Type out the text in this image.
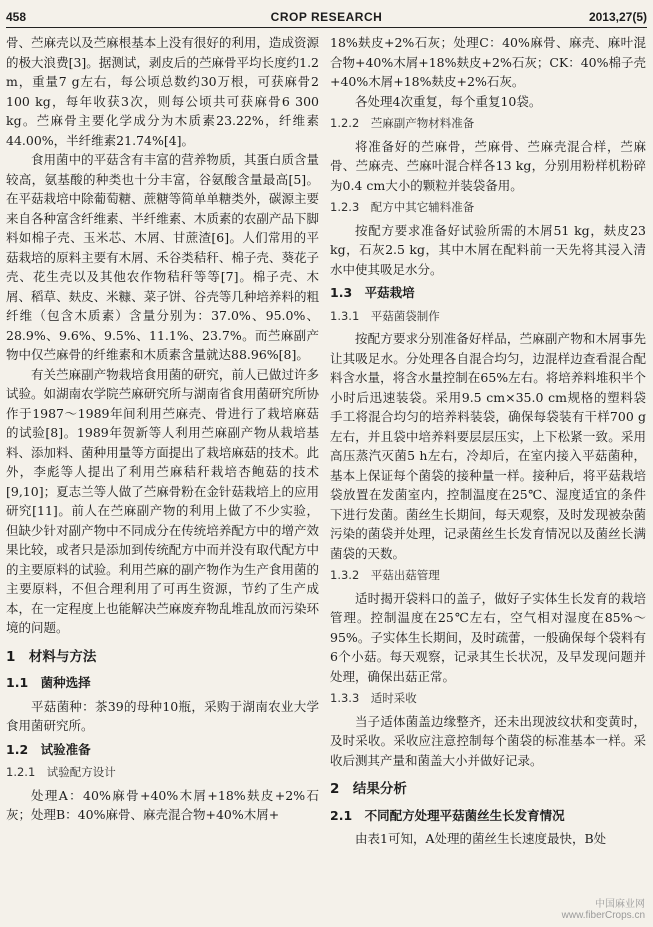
458	CROP RESEARCH	2013,27(5)

骨、苎麻壳以及苎麻根基本上没有很好的利用，造成资源的极大浪费[3]。据测试，剥皮后的苎麻骨平均长度约1.2 m，重量7 g左右，每公顷总数约30万根，可获麻骨2 100 kg，每年收获3次，则每公顷共可获麻骨6 300 kg。苎麻骨主要化学成分为木质素23.22%，纤维素44.00%，半纤维素21.74%[4]。

食用菌中的平菇含有丰富的营养物质，其蛋白质含量较高，氨基酸的种类也十分丰富，谷氨酸含量最高[5]。在平菇栽培中除葡萄糖、蔗糖等简单单糖类外，碳源主要来自各种富含纤维素、半纤维素、木质素的农副产品下脚料如棉子壳、玉米芯、木屑、甘蔗渣[6]。人们常用的平菇栽培的原料主要有木屑、禾谷类秸秆、棉子壳、葵花子壳、花生壳以及其他农作物秸秆等等[7]。棉子壳、木屑、稻草、麸皮、米糠、菜子饼、谷壳等几种培养料的粗纤维（包含木质素）含量分别为：37.0%、95.0%、28.9%、9.6%、9.5%、11.1%、23.7%。而苎麻副产物中仅苎麻骨的纤维素和木质素含量就达88.96%[8]。

有关苎麻副产物栽培食用菌的研究，前人已做过许多试验。如湖南农学院苎麻研究所与湖南省食用菌研究所协作于1987～1989年间利用苎麻壳、骨进行了栽培麻菇的试验[8]。1989年贺新等人利用苎麻副产物从栽培基料、添加料、菌种用量等方面提出了栽培麻菇的技术。此外，李彪等人提出了利用苎麻秸秆栽培杏鲍菇的技术[9,10]；夏志兰等人做了苎麻骨粉在金针菇栽培上的应用研究[11]。前人在苎麻副产物的利用上做了不少实验，但缺少针对副产物中不同成分在传统培养配方中的增产效果比较，或者只是添加到传统配方中而并没有取代配方中的主要原料的试验。利用苎麻的副产物作为生产食用菌的主要原料，不但合理利用了可再生资源，节约了生产成本，在一定程度上也能解决苎麻废弃物乱堆乱放而污染环境的问题。

1　材料与方法
1.1　菌种选择

平菇菌种：茶39的母种10瓶，采购于湖南农业大学食用菌研究所。

1.2　试验准备
1.2.1　试验配方设计

处理A：40%麻骨+40%木屑+18%麸皮+2%石灰；处理B：40%麻骨、麻壳混合物+40%木屑+

18%麸皮+2%石灰；处理C：40%麻骨、麻壳、麻叶混合物+40%木屑+18%麸皮+2%石灰；CK：40%棉子壳+40%木屑+18%麸皮+2%石灰。

各处理4次重复，每个重复10袋。

1.2.2　苎麻副产物材料准备

将准备好的苎麻骨，苎麻骨、苎麻壳混合样，苎麻骨、苎麻壳、苎麻叶混合样各13 kg，分别用粉样机粉碎为0.4 cm大小的颗粒并装袋备用。

1.2.3　配方中其它辅料准备

按配方要求准备好试验所需的木屑51 kg，麸皮23 kg，石灰2.5 kg，其中木屑在配料前一天先将其浸入清水中使其吸足水分。

1.3　平菇栽培
1.3.1　平菇菌袋制作

按配方要求分别准备好样品，苎麻副产物和木屑事先让其吸足水。分处理各自混合均匀，边混样边查看混合配料含水量，将含水量控制在65%左右。将培养料堆积半个小时后迅速装袋。采用9.5 cm×35.0 cm规格的塑料袋手工将混合均匀的培养料装袋，确保每袋装有干样700 g左右，并且袋中培养料要层层压实，上下松紧一致。采用高压蒸汽灭菌5 h左右，冷却后，在室内接入平菇菌种，基本上保证每个菌袋的接种量一样。接种后，将平菇栽培袋放置在发菌室内，控制温度在25℃、湿度适宜的条件下进行发菌。菌丝生长期间，每天观察，及时发现被杂菌污染的菌袋并处理，记录菌丝生长发育情况以及菌丝长满菌袋的天数。

1.3.2　平菇出菇管理

适时揭开袋料口的盖子，做好子实体生长发育的栽培管理。控制温度在25℃左右，空气相对湿度在85%～95%。子实体生长期间，及时疏蕾，一般确保每个袋料有6个小菇。每天观察，记录其生长状况，及早发现问题并处理，确保出菇正常。

1.3.3　适时采收

当子适体菌盖边缘整齐，还未出现波纹状和变黄时，及时采收。采收应注意控制每个菌袋的标准基本一样。采收后测其产量和菌盖大小并做好记录。

2　结果分析
2.1　不同配方处理平菇菌丝生长发育情况

由表1可知，A处理的菌丝生长速度最快，B处

中国麻业网
www.fiberCrops.cn
